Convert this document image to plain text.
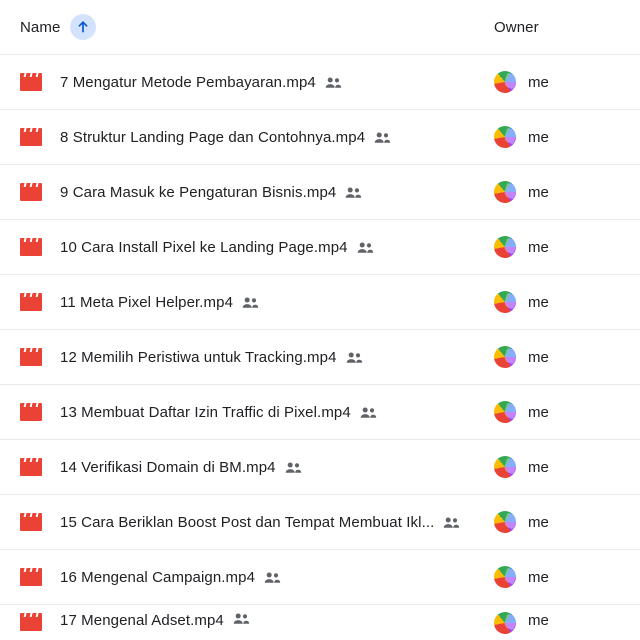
Name	Owner
7 Mengatur Metode Pembayaran.mp4	me
8 Struktur Landing Page dan Contohnya.mp4	me
9 Cara Masuk ke Pengaturan Bisnis.mp4	me
10 Cara Install Pixel ke Landing Page.mp4	me
11 Meta Pixel Helper.mp4	me
12 Memilih Peristiwa untuk Tracking.mp4	me
13 Membuat Daftar Izin Traffic di Pixel.mp4	me
14 Verifikasi Domain di BM.mp4	me
15 Cara Beriklan Boost Post dan Tempat Membuat Ikl...	me
16 Mengenal Campaign.mp4	me
17 Mengenal Adset.mp4	me
